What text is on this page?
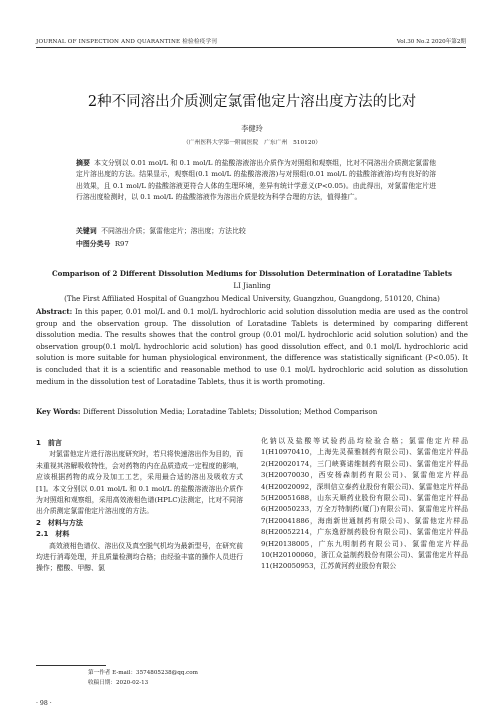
JOURNAL OF INSPECTION AND QUARANTINE 检验检疫学刊	Vol.30 No.2 2020年第2期
2种不同溶出介质测定氯雷他定片溶出度方法的比对
李健玲
（广州医科大学第一附属医院　广东广州　510120）
摘要 本文分别以 0.01 mol/L 和 0.1 mol/L 的盐酸溶液溶出介质作为对照组和观察组，比对不同溶出介质测定氯雷他定片溶出度的方法。结果显示，观察组(0.1 mol/L 的盐酸溶液溶)与对照组(0.01 mol/L 的盐酸溶液溶)均有良好的溶出效果，且 0.1 mol/L 的盐酸溶液更符合人体的生理环境，差异有统计学意义(P<0.05)。由此得出，对氯雷他定片进行溶出度检测时，以 0.1 mol/L 的盐酸溶液作为溶出介质是较为科学合理的方法，值得推广。
关键词 不同溶出介质；氯雷他定片；溶出度；方法比较
中图分类号 R97
Comparison of 2 Different Dissolution Mediums for Dissolution Determination of Loratadine Tablets
LI Jianling
(The First Affiliated Hospital of Guangzhou Medical University, Guangzhou, Guangdong, 510120, China)
Abstract: In this paper, 0.01 mol/L and 0.1 mol/L hydrochloric acid solution dissolution media are used as the control group and the observation group. The dissolution of Loratadine Tablets is determined by comparing different dissolution media. The results showes that the control group (0.01 mol/L hydrochloric acid solution solution) and the observation group(0.1 mol/L hydrochloric acid solution) has good dissolution effect, and 0.1 mol/L hydrochloric acid solution is more suitable for human physiological environment, the difference was statistically significant (P<0.05). It is concluded that it is a scientific and reasonable method to use 0.1 mol/L hydrochloric acid solution as dissolution medium in the dissolution test of Loratadine Tablets, thus it is worth promoting.
Key Words: Different Dissolution Media; Loratadine Tablets; Dissolution; Method Comparison

1　前言

对氯雷他定片进行溶出度研究时，若只将快速溶出作为目的，而未重视其溶解吸收特性，会对药物的内在品质造成一定程度的影响，应该根据药物的成分及加工工艺，采用最合适的溶出及吸收方式[1]。本文分别以 0.01 mol/L 和 0.1 mol/L 的盐酸溶液溶出介质作为对照组和观察组，采用高效液相色谱(HPLC)法测定，比对不同溶出介质测定氯雷他定片溶出度的方法。

2　材料与方法

2.1　材料

高效液相色谱仪、溶出仪及真空脱气机均为最新型号，在研究前均进行消毒处理，并且质量检测均合格；由经验丰富的操作人员进行操作；醋酸、甲醇、氯

化钠以及盐酸等试验药品均检验合格；氯雷他定片样品 1(H10970410，上海先灵葆雅制药有限公司)、氯雷他定片样品 2(H20020174，三门峡赛诺维制药有限公司)、氯雷他定片样品 3(H20070030，西安杨森制药有限公司)、氯雷他定片样品 4(H20020092，深圳信立泰药业股份有限公司)、氯雷他定片样品 5(H20051688，山东天顺药业股份有限公司)、氯雷他定片样品 6(H20050233，万全万特制药(厦门)有限公司)、氯雷他定片样品 7(H20041886，海南新世通制药有限公司)、氯雷他定片样品 8(H20052214，广东逸舒制药股份有限公司)、氯雷他定片样品 9(H20138005，广东九明制药有限公司)、氯雷他定片样品 10(H20100060，浙江众益制药股份有限公司)、氯雷他定片样品 11(H20050953，江苏黄河药业股份有限公

第一作者 E-mail：3574805238@qq.com
收稿日期：2020-02-13
· 98 ·
